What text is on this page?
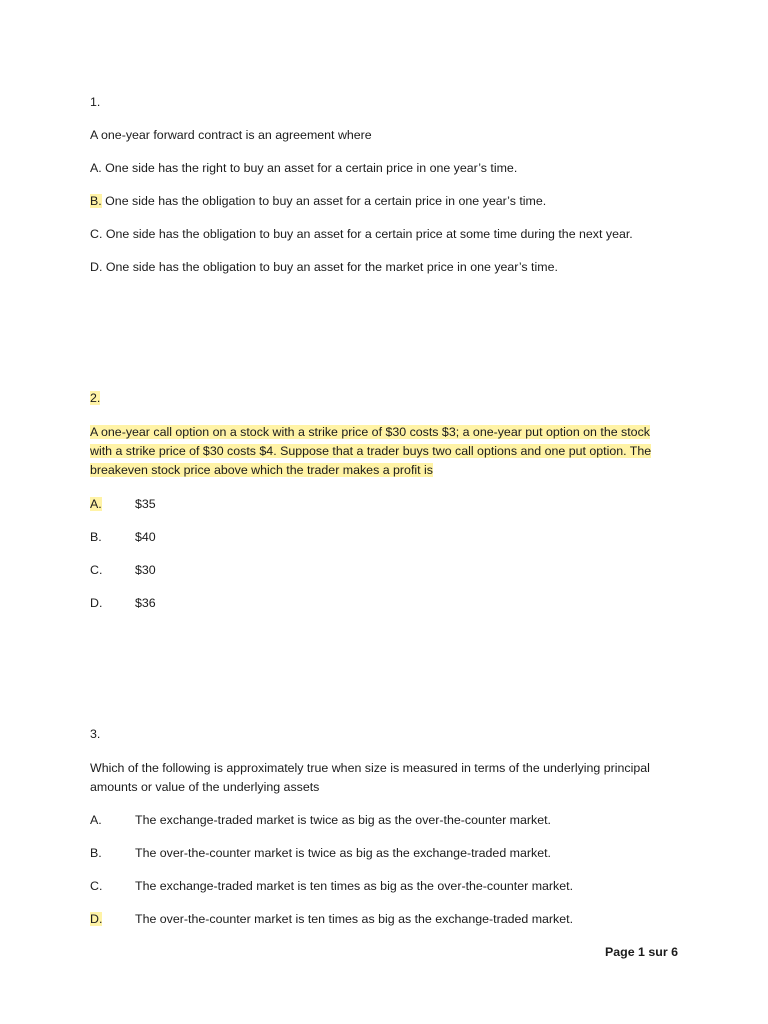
1.
A one-year forward contract is an agreement where
A. One side has the right to buy an asset for a certain price in one year’s time.
B. One side has the obligation to buy an asset for a certain price in one year’s time.
C. One side has the obligation to buy an asset for a certain price at some time during the next year.
D. One side has the obligation to buy an asset for the market price in one year’s time.
2.
A one-year call option on a stock with a strike price of $30 costs $3; a one-year put option on the stock
with a strike price of $30 costs $4. Suppose that a trader buys two call options and one put option. The
breakeven stock price above which the trader makes a profit is
A.	$35
B.	$40
C.	$30
D.	$36
3.
Which of the following is approximately true when size is measured in terms of the underlying principal
amounts or value of the underlying assets
A.	The exchange-traded market is twice as big as the over-the-counter market.
B.	The over-the-counter market is twice as big as the exchange-traded market.
C.	The exchange-traded market is ten times as big as the over-the-counter market.
D.	The over-the-counter market is ten times as big as the exchange-traded market.
Page 1 sur 6
